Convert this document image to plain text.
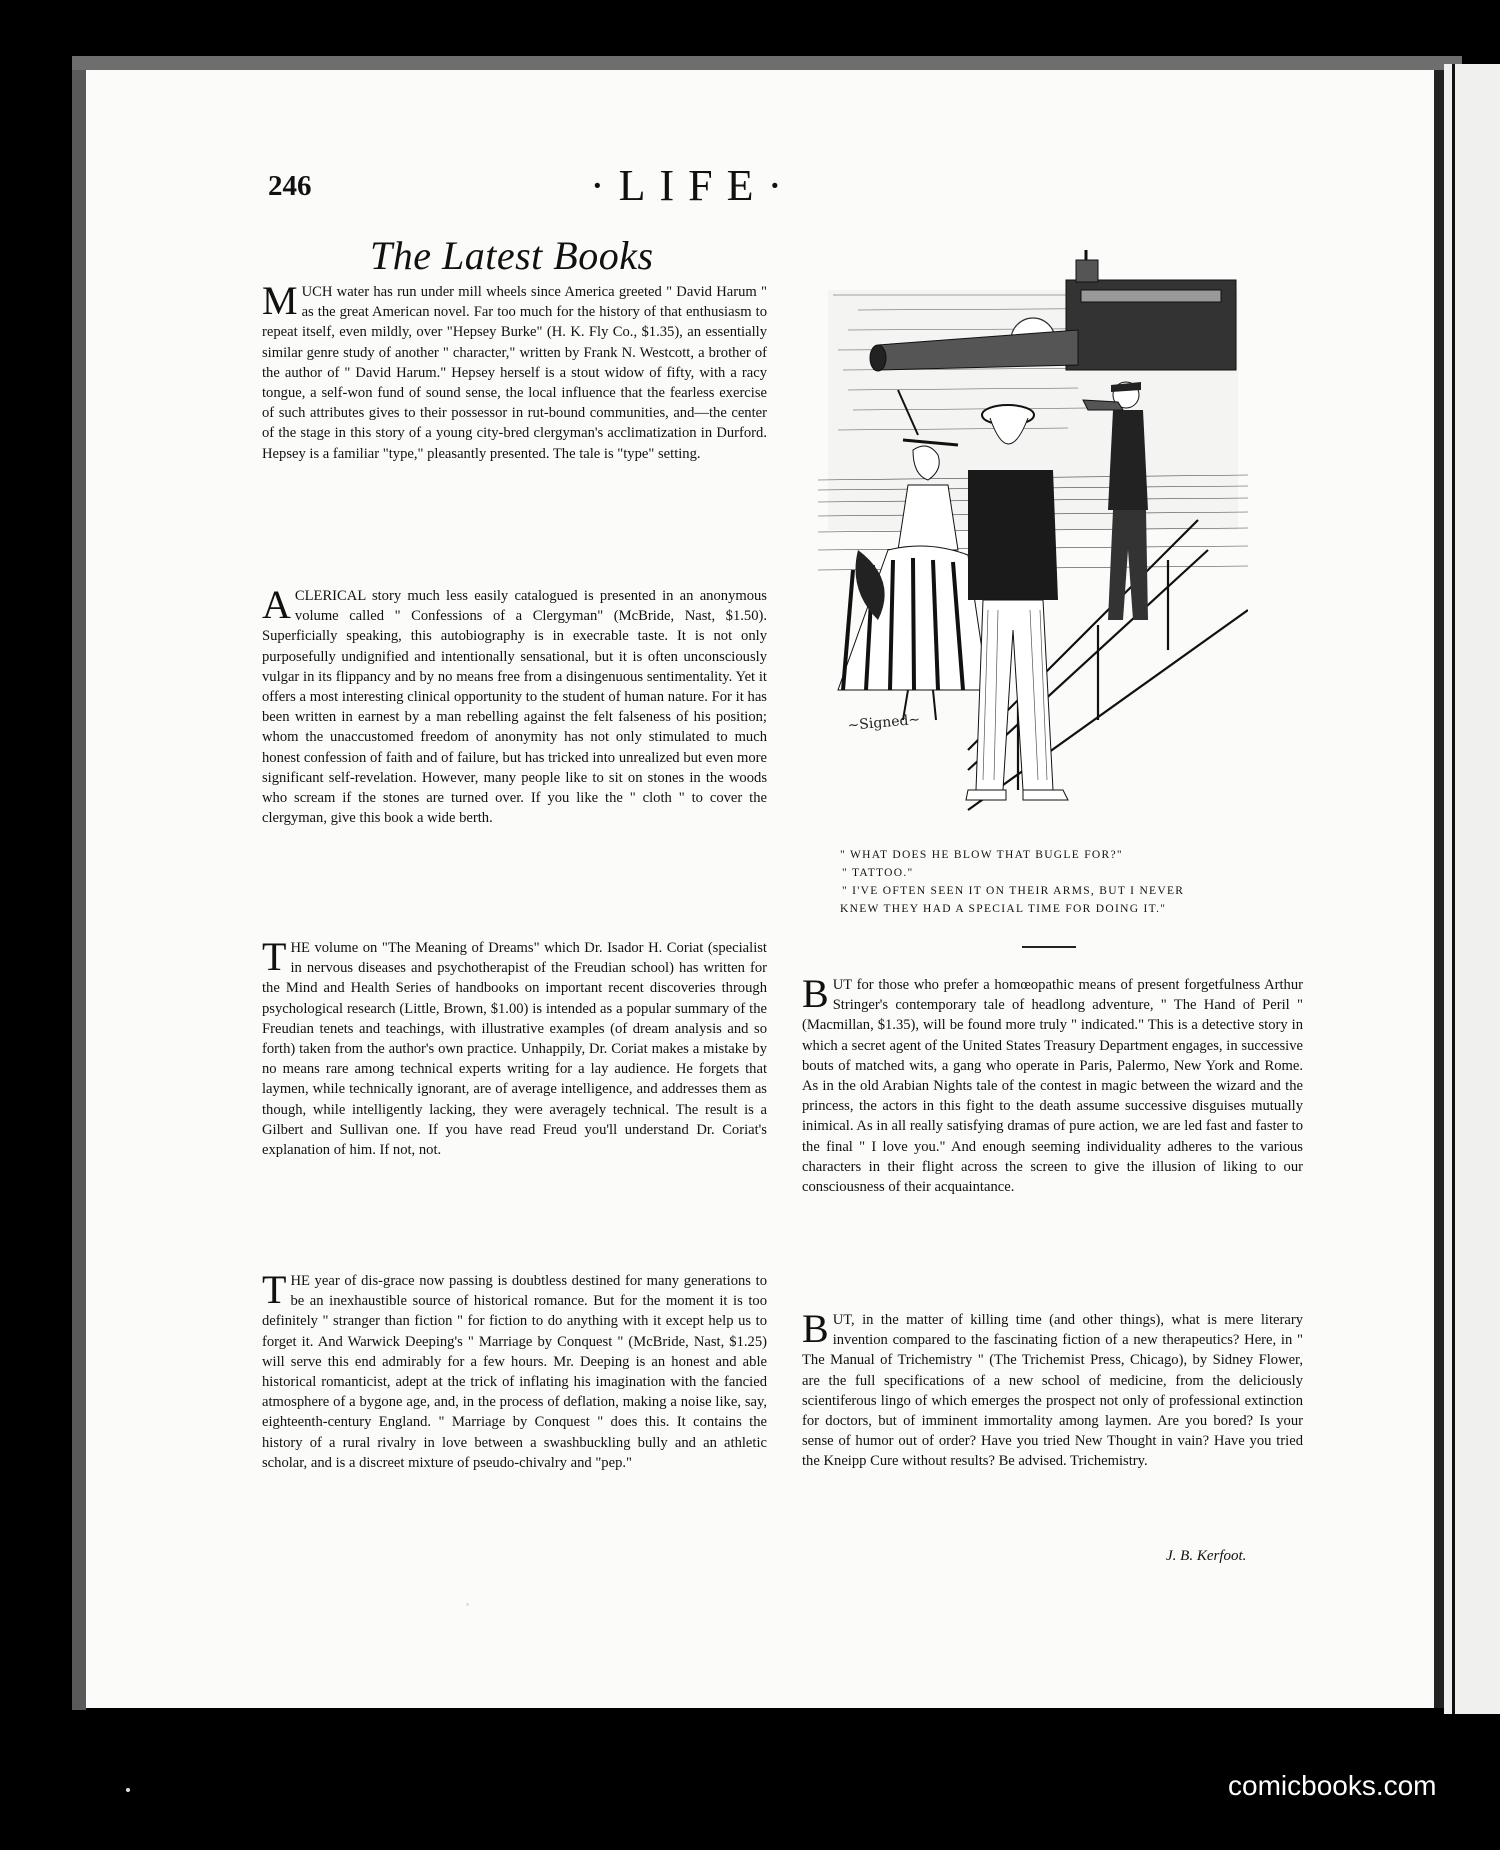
246	·LIFE·
The Latest Books

MUCH water has run under mill wheels since America greeted " David Harum " as the great American novel. Far too much for the history of that enthusiasm to repeat itself, even mildly, over "Hepsey Burke" (H. K. Fly Co., $1.35), an essentially similar genre study of another " character," written by Frank N. Westcott, a brother of the author of " David Harum." Hepsey herself is a stout widow of fifty, with a racy tongue, a self-won fund of sound sense, the local influence that the fearless exercise of such attributes gives to their possessor in rut-bound communities, and—the center of the stage in this story of a young city-bred clergyman's acclimatization in Durford. Hepsey is a familiar "type," pleasantly presented. The tale is "type" setting.

ACLERICAL story much less easily catalogued is presented in an anonymous volume called " Confessions of a Clergyman" (McBride, Nast, $1.50). Superficially speaking, this autobiography is in execrable taste. It is not only purposefully undignified and intentionally sensational, but it is often unconsciously vulgar in its flippancy and by no means free from a disingenuous sentimentality. Yet it offers a most interesting clinical opportunity to the student of human nature. For it has been written in earnest by a man rebelling against the felt falseness of his position; whom the unaccustomed freedom of anonymity has not only stimulated to much honest confession of faith and of failure, but has tricked into unrealized but even more significant self-revelation. However, many people like to sit on stones in the woods who scream if the stones are turned over. If you like the " cloth " to cover the clergyman, give this book a wide berth.

THE volume on "The Meaning of Dreams" which Dr. Isador H. Coriat (specialist in nervous diseases and psychotherapist of the Freudian school) has written for the Mind and Health Series of handbooks on important recent discoveries through psychological research (Little, Brown, $1.00) is intended as a popular summary of the Freudian tenets and teachings, with illustrative examples (of dream analysis and so forth) taken from the author's own practice. Unhappily, Dr. Coriat makes a mistake by no means rare among technical experts writing for a lay audience. He forgets that laymen, while technically ignorant, are of average intelligence, and addresses them as though, while intelligently lacking, they were averagely technical. The result is a Gilbert and Sullivan one. If you have read Freud you'll understand Dr. Coriat's explanation of him. If not, not.

THE year of dis-grace now passing is doubtless destined for many generations to be an inexhaustible source of historical romance. But for the moment it is too definitely " stranger than fiction " for fiction to do anything with it except help us to forget it. And Warwick Deeping's " Marriage by Conquest " (McBride, Nast, $1.25) will serve this end admirably for a few hours. Mr. Deeping is an honest and able historical romanticist, adept at the trick of inflating his imagination with the fancied atmosphere of a bygone age, and, in the process of deflation, making a noise like, say, eighteenth-century England. " Marriage by Conquest " does this. It contains the history of a rural rivalry in love between a swashbuckling bully and an athletic scholar, and is a discreet mixture of pseudo-chivalry and "pep."

~Signed~
" WHAT DOES HE BLOW THAT BUGLE FOR?"
" TATTOO."
" I'VE OFTEN SEEN IT ON THEIR ARMS, BUT I NEVER
KNEW THEY HAD A SPECIAL TIME FOR DOING IT."

BUT for those who prefer a homœopathic means of present forgetfulness Arthur Stringer's contemporary tale of headlong adventure, " The Hand of Peril " (Macmillan, $1.35), will be found more truly " indicated." This is a detective story in which a secret agent of the United States Treasury Department engages, in successive bouts of matched wits, a gang who operate in Paris, Palermo, New York and Rome. As in the old Arabian Nights tale of the contest in magic between the wizard and the princess, the actors in this fight to the death assume successive disguises mutually inimical. As in all really satisfying dramas of pure action, we are led fast and faster to the final " I love you." And enough seeming individuality adheres to the various characters in their flight across the screen to give the illusion of liking to our consciousness of their acquaintance.

BUT, in the matter of killing time (and other things), what is mere literary invention compared to the fascinating fiction of a new therapeutics? Here, in " The Manual of Trichemistry " (The Trichemist Press, Chicago), by Sidney Flower, are the full specifications of a new school of medicine, from the deliciously scientiferous lingo of which emerges the prospect not only of professional extinction for doctors, but of imminent immortality among laymen. Are you bored? Is your sense of humor out of order? Have you tried New Thought in vain? Have you tried the Kneipp Cure without results? Be advised. Trichemistry.

J. B. Kerfoot.
comicbooks.com
